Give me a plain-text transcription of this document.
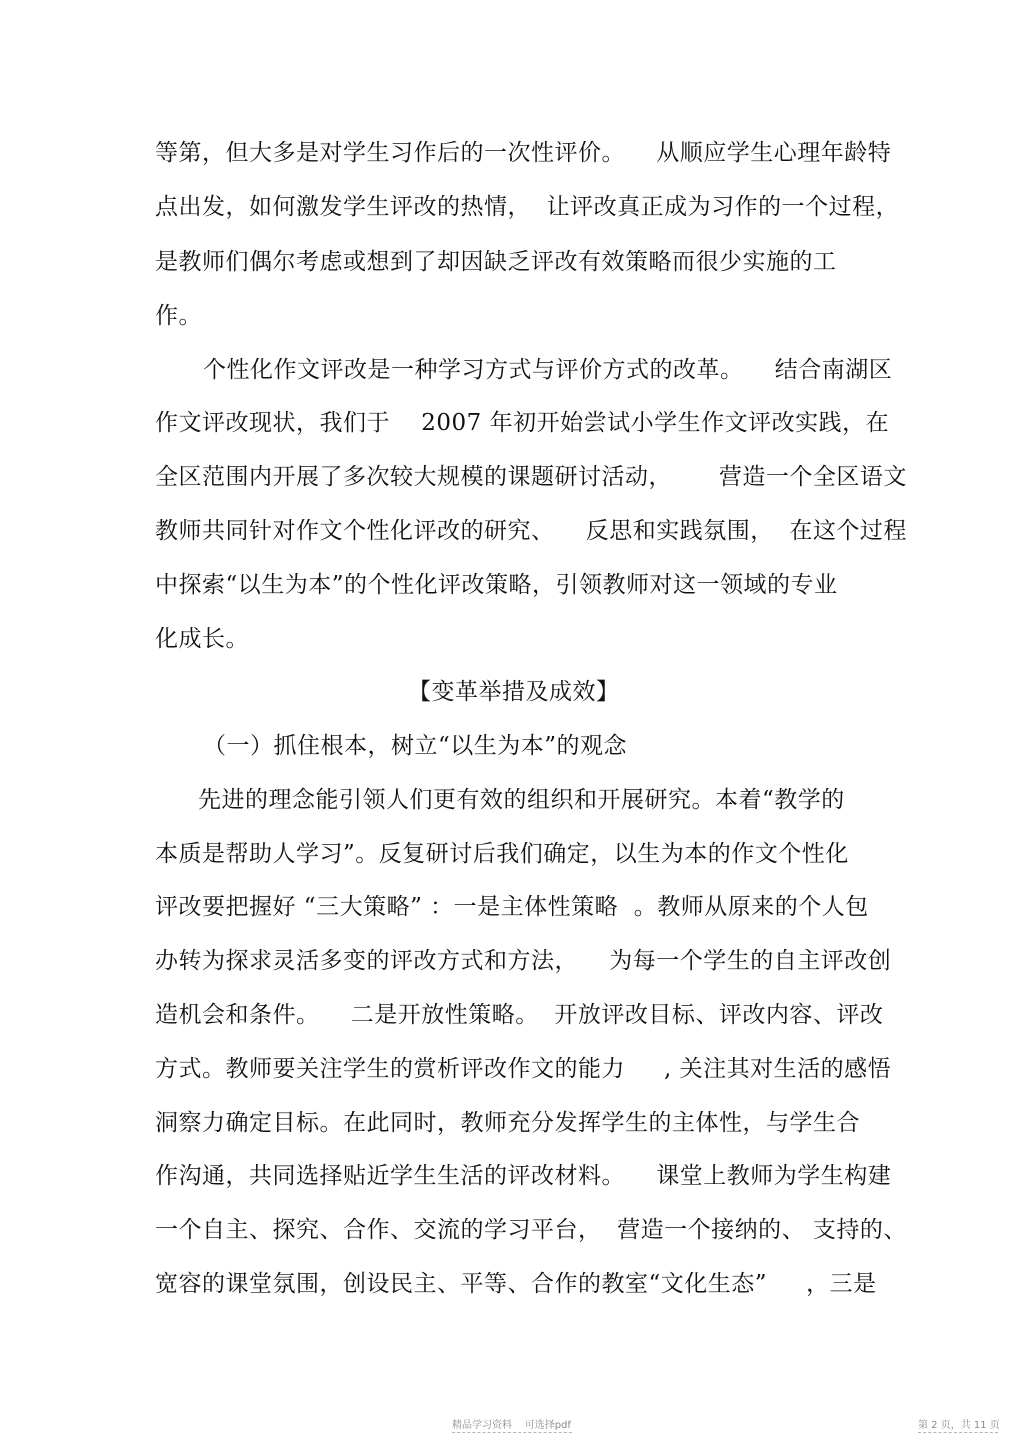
等第，但大多是对学生习作后的一次性评价。    从顺应学生心理年龄特
点出发，如何激发学生评改的热情，  让评改真正成为习作的一个过程，
是教师们偶尔考虑或想到了却因缺乏评改有效策略而很少实施的工
作。
个性化作文评改是一种学习方式与评价方式的改革。    结合南湖区
作文评改现状，我们于    2007 年初开始尝试小学生作文评改实践，在
全区范围内开展了多次较大规模的课题研讨活动，      营造一个全区语文
教师共同针对作文个性化评改的研究、    反思和实践氛围，  在这个过程
中探索“以生为本”的个性化评改策略，引领教师对这一领域的专业
化成长。
【变革举措及成效】
（一）抓住根本，树立“以生为本”的观念
先进的理念能引领人们更有效的组织和开展研究。本着“教学的
本质是帮助人学习”。反复研讨后我们确定，以生为本的作文个性化
评改要把握好 “三大策略” ：一是主体性策略  。教师从原来的个人包
办转为探求灵活多变的评改方式和方法，    为每一个学生的自主评改创
造机会和条件。    二是开放性策略。  开放评改目标、评改内容、评改
方式。教师要关注学生的赏析评改作文的能力     , 关注其对生活的感悟
洞察力确定目标。在此同时，教师充分发挥学生的主体性，与学生合
作沟通，共同选择贴近学生生活的评改材料。    课堂上教师为学生构建
一个自主、探究、合作、交流的学习平台，  营造一个接纳的、 支持的、
宽容的课堂氛围，创设民主、平等、合作的教室“文化生态”     ，三是
精品学习资料    可选择pdf	第 2 页，共 11 页
